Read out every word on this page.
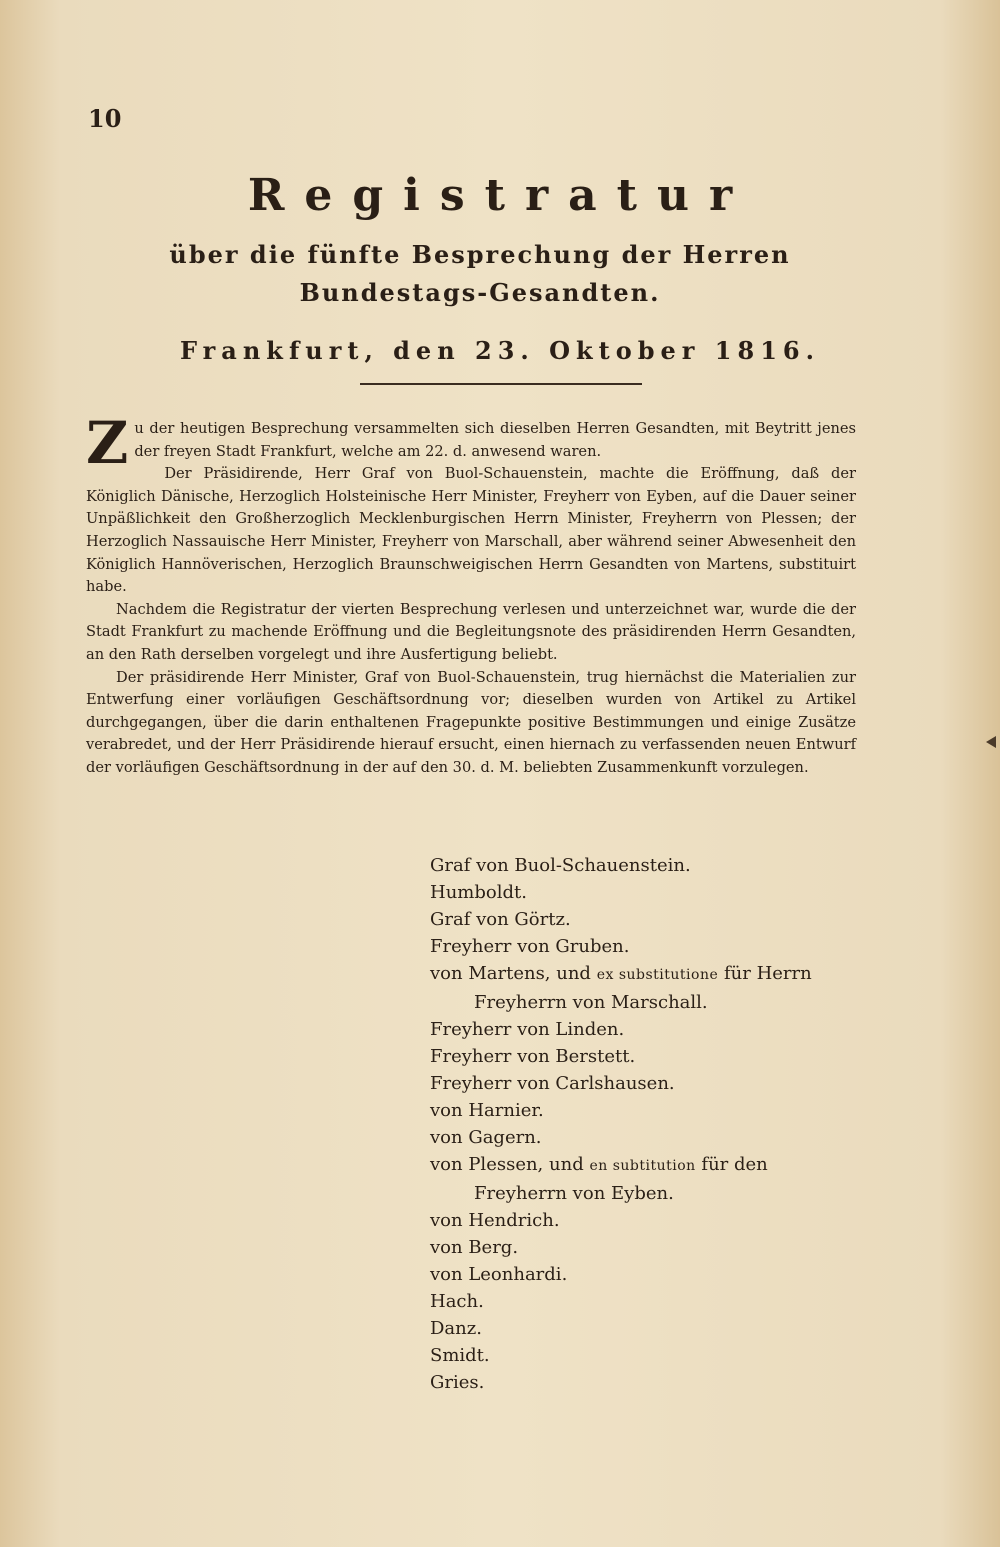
10
Registratur
über die fünfte Besprechung der Herren Bundestags-Gesandten.
Frankfurt, den 23. Oktober 1816.

Zu der heutigen Besprechung versammelten sich dieselben Herren Gesandten, mit Beytritt jenes der freyen Stadt Frankfurt, welche am 22. d. anwesend waren.

Der Präsidirende, Herr Graf von Buol-Schauenstein, machte die Eröffnung, daß der Königlich Dänische, Herzoglich Holsteinische Herr Minister, Freyherr von Eyben, auf die Dauer seiner Unpäßlichkeit den Großherzoglich Mecklenburgischen Herrn Minister, Freyherrn von Plessen; der Herzoglich Nassauische Herr Minister, Freyherr von Marschall, aber während seiner Abwesenheit den Königlich Hannöverischen, Herzoglich Braunschweigischen Herrn Gesandten von Martens, substituirt habe.

Nachdem die Registratur der vierten Besprechung verlesen und unterzeichnet war, wurde die der Stadt Frankfurt zu machende Eröffnung und die Begleitungsnote des präsidirenden Herrn Gesandten, an den Rath derselben vorgelegt und ihre Ausfertigung beliebt.

Der präsidirende Herr Minister, Graf von Buol-Schauenstein, trug hiernächst die Materialien zur Entwerfung einer vorläufigen Geschäftsordnung vor; dieselben wurden von Artikel zu Artikel durchgegangen, über die darin enthaltenen Fragepunkte positive Bestimmungen und einige Zusätze verabredet, und der Herr Präsidirende hierauf ersucht, einen hiernach zu verfassenden neuen Entwurf der vorläufigen Geschäftsordnung in der auf den 30. d. M. beliebten Zusammenkunft vorzulegen.

Graf von Buol-Schauenstein.
Humboldt.
Graf von Görtz.
Freyherr von Gruben.
von Martens, und ex substitutione für Herrn
Freyherrn von Marschall.
Freyherr von Linden.
Freyherr von Berstett.
Freyherr von Carlshausen.
von Harnier.
von Gagern.
von Plessen, und en subtitution für den
Freyherrn von Eyben.
von Hendrich.
von Berg.
von Leonhardi.
Hach.
Danz.
Smidt.
Gries.
